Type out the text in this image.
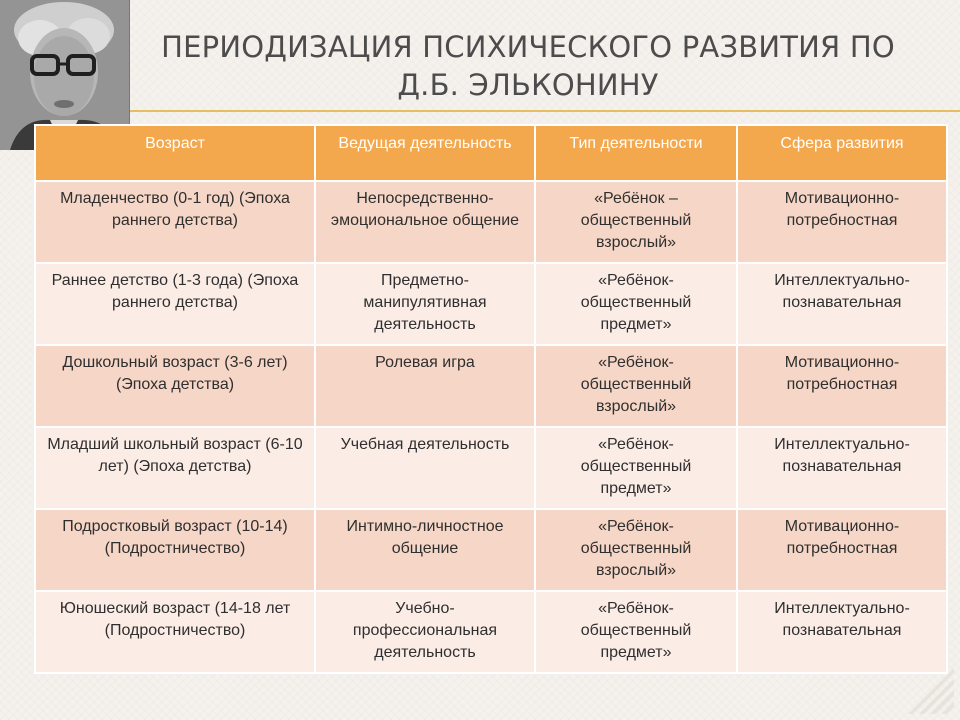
ПЕРИОДИЗАЦИЯ ПСИХИЧЕСКОГО РАЗВИТИЯ ПО
Д.Б. ЭЛЬКОНИНУ
Возраст	Ведущая деятельность	Тип деятельности	Сфера развития

Младенчество (0-1 год) (Эпоха раннего детства)	Непосредственно-эмоциональное общение	«Ребёнок – общественный взрослый»	Мотивационно-потребностная

Раннее детство (1-3 года) (Эпоха раннего детства)	Предметно-манипулятивная деятельность	«Ребёнок-общественный предмет»	Интеллектуально-познавательная

Дошкольный возраст (3-6 лет) (Эпоха детства)	Ролевая игра	«Ребёнок-общественный взрослый»	Мотивационно-потребностная

Младший школьный возраст (6-10 лет) (Эпоха детства)	Учебная деятельность	«Ребёнок-общественный предмет»	Интеллектуально-познавательная

Подростковый возраст (10-14) (Подростничество)	Интимно-личностное общение	«Ребёнок-общественный взрослый»	Мотивационно-потребностная

Юношеский возраст (14-18 лет (Подростничество)	Учебно-профессиональная деятельность	«Ребёнок-общественный предмет»	Интеллектуально-познавательная
